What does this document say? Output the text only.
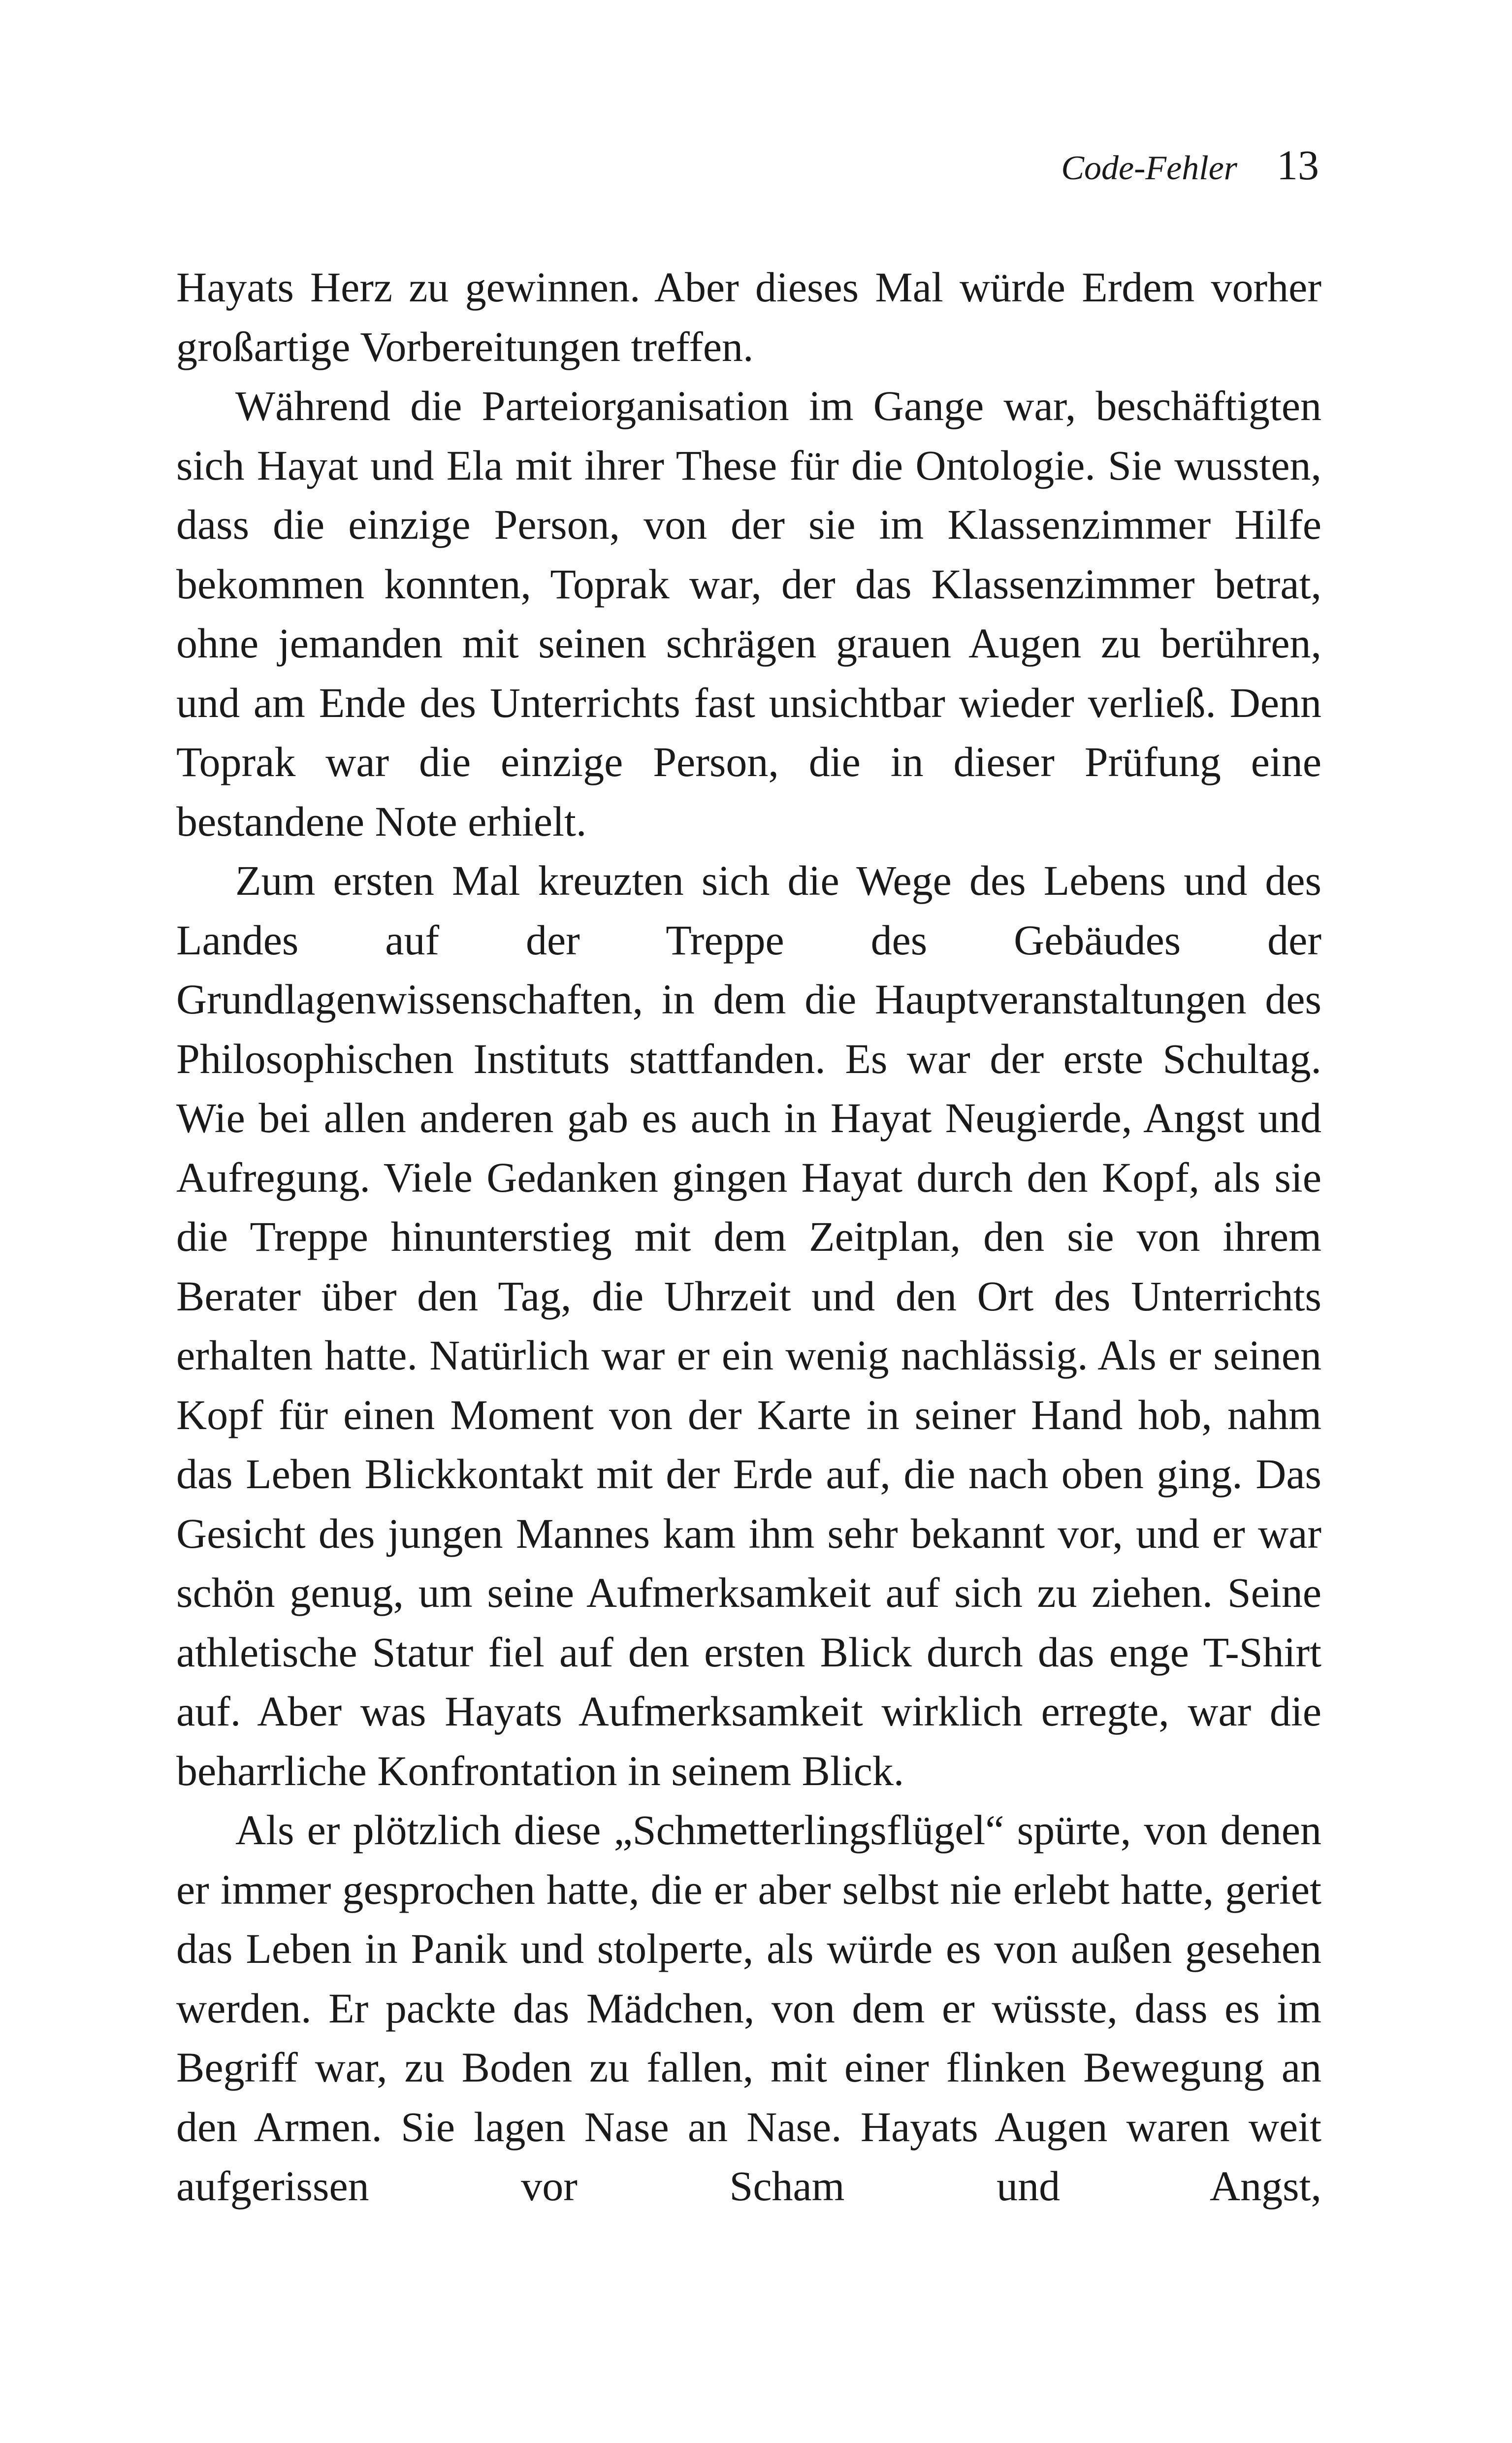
Code-Fehler 13

Hayats Herz zu gewinnen. Aber dieses Mal würde Erdem vorher großartige Vorbereitungen treffen.

Während die Parteiorganisation im Gange war, beschäftigten sich Hayat und Ela mit ihrer These für die Ontologie. Sie wussten, dass die einzige Person, von der sie im Klassenzimmer Hilfe bekommen konnten, Toprak war, der das Klassenzimmer betrat, ohne jemanden mit seinen schrägen grauen Augen zu berühren, und am Ende des Unterrichts fast unsichtbar wieder verließ. Denn Toprak war die einzige Person, die in dieser Prüfung eine bestandene Note erhielt.

Zum ersten Mal kreuzten sich die Wege des Lebens und des Landes auf der Treppe des Gebäudes der Grundlagenwissenschaften, in dem die Hauptveranstaltungen des Philosophischen Instituts stattfanden. Es war der erste Schultag. Wie bei allen anderen gab es auch in Hayat Neugierde, Angst und Aufregung. Viele Gedanken gingen Hayat durch den Kopf, als sie die Treppe hinunterstieg mit dem Zeitplan, den sie von ihrem Berater über den Tag, die Uhrzeit und den Ort des Unterrichts erhalten hatte. Natürlich war er ein wenig nachlässig. Als er seinen Kopf für einen Moment von der Karte in seiner Hand hob, nahm das Leben Blickkontakt mit der Erde auf, die nach oben ging. Das Gesicht des jungen Mannes kam ihm sehr bekannt vor, und er war schön genug, um seine Aufmerksamkeit auf sich zu ziehen. Seine athletische Statur fiel auf den ersten Blick durch das enge T-Shirt auf. Aber was Hayats Aufmerksamkeit wirklich erregte, war die beharrliche Konfrontation in seinem Blick.

Als er plötzlich diese „Schmetterlingsflügel“ spürte, von denen er immer gesprochen hatte, die er aber selbst nie erlebt hatte, geriet das Leben in Panik und stolperte, als würde es von außen gesehen werden. Er packte das Mädchen, von dem er wüsste, dass es im Begriff war, zu Boden zu fallen, mit einer flinken Bewegung an den Armen. Sie lagen Nase an Nase. Hayats Augen waren weit aufgerissen vor Scham und Angst,
